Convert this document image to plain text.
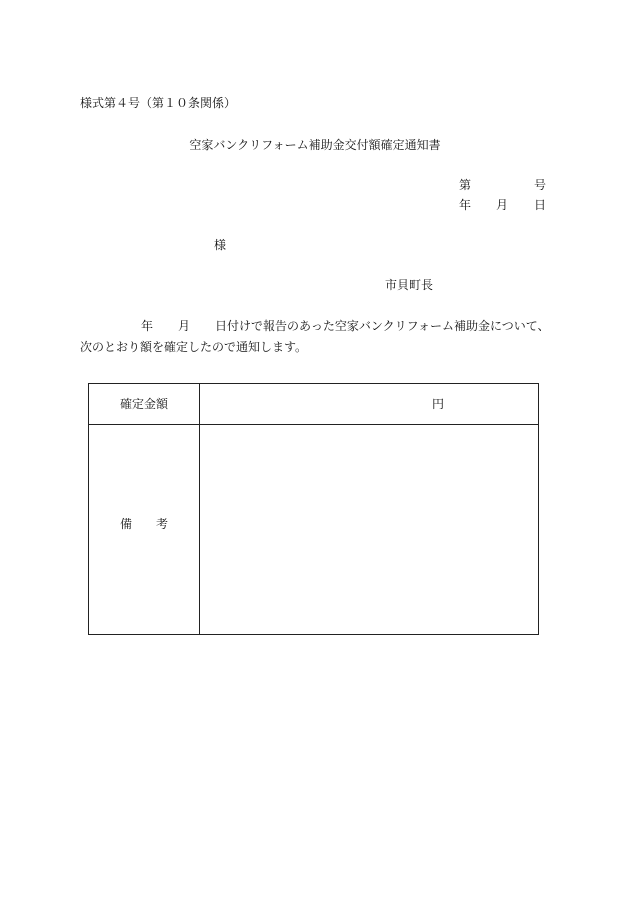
様式第４号（第１０条関係）
空家バンクリフォーム補助金交付額確定通知書
第	号
年 月 日
様
市貝町長
年 月 日付けで報告のあった空家バンクリフォーム補助金について、
次のとおり額を確定したので通知します。
確定金額	円
備 考
